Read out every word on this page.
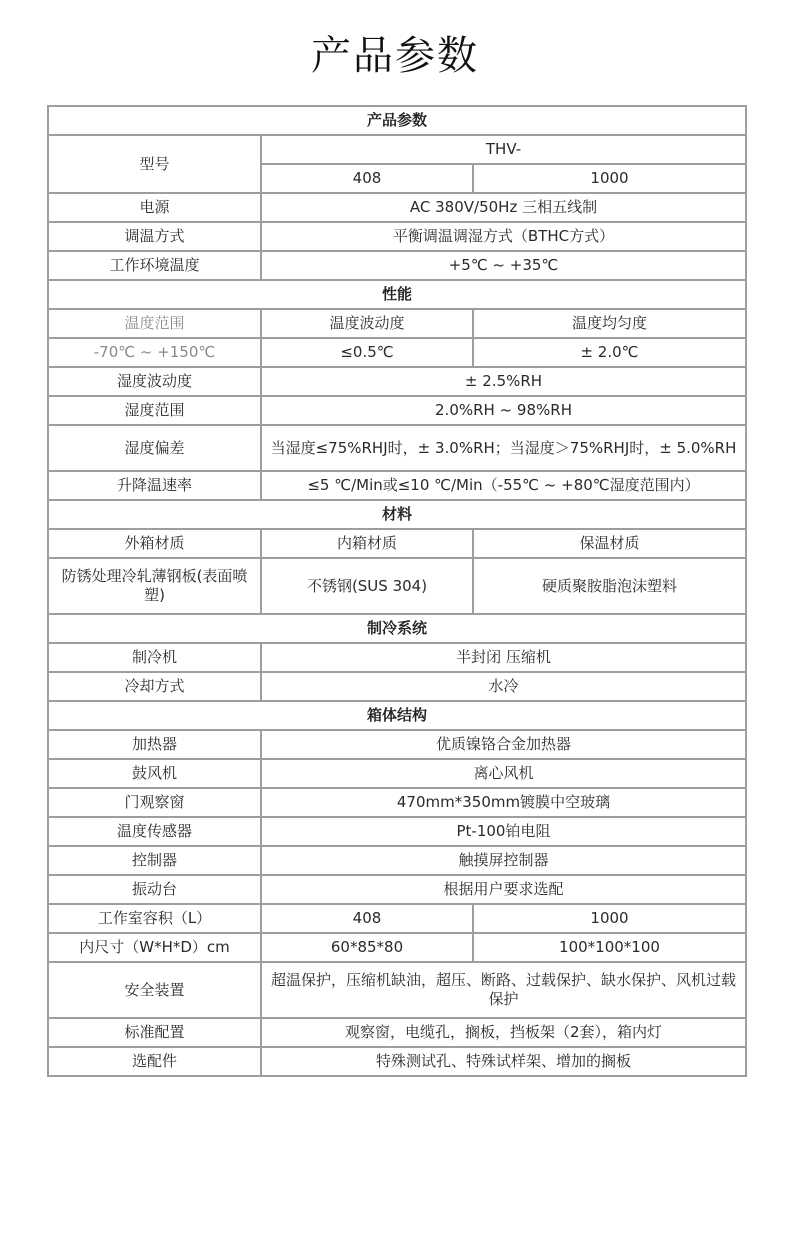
产品参数
产品参数		
型号	THV-	
	408	1000
电源	AC 380V/50Hz 三相五线制	
调温方式	平衡调温调湿方式（BTHC方式）	
工作环境温度	+5℃ ~ +35℃	
性能		
温度范围	温度波动度	温度均匀度
-70℃ ~ +150℃	≤0.5℃	± 2.0℃
湿度波动度	± 2.5%RH	
湿度范围	2.0%RH ~ 98%RH	
湿度偏差	当湿度≤75%RHJ时，± 3.0%RH；当湿度＞75%RHJ时，± 5.0%RH	
升降温速率	≤5 ℃/Min或≤10 ℃/Min（-55℃ ~ +80℃湿度范围内）	
材料		
外箱材质	内箱材质	保温材质
防锈处理冷轧薄钢板(表面喷塑)	不锈钢(SUS 304)	硬质聚胺脂泡沫塑料
制冷系统		
制冷机	半封闭 压缩机	
冷却方式	水冷	
箱体结构		
加热器	优质镍铬合金加热器	
鼓风机	离心风机	
门观察窗	470mm*350mm镀膜中空玻璃	
温度传感器	Pt-100铂电阻	
控制器	触摸屏控制器	
振动台	根据用户要求选配	
工作室容积（L）	408	1000
内尺寸（W*H*D）cm	60*85*80	100*100*100
安全装置	超温保护，压缩机缺油，超压、断路、过载保护、缺水保护、风机过载保护	
标准配置	观察窗，电缆孔，搁板，挡板架（2套），箱内灯	
选配件	特殊测试孔、特殊试样架、增加的搁板	
